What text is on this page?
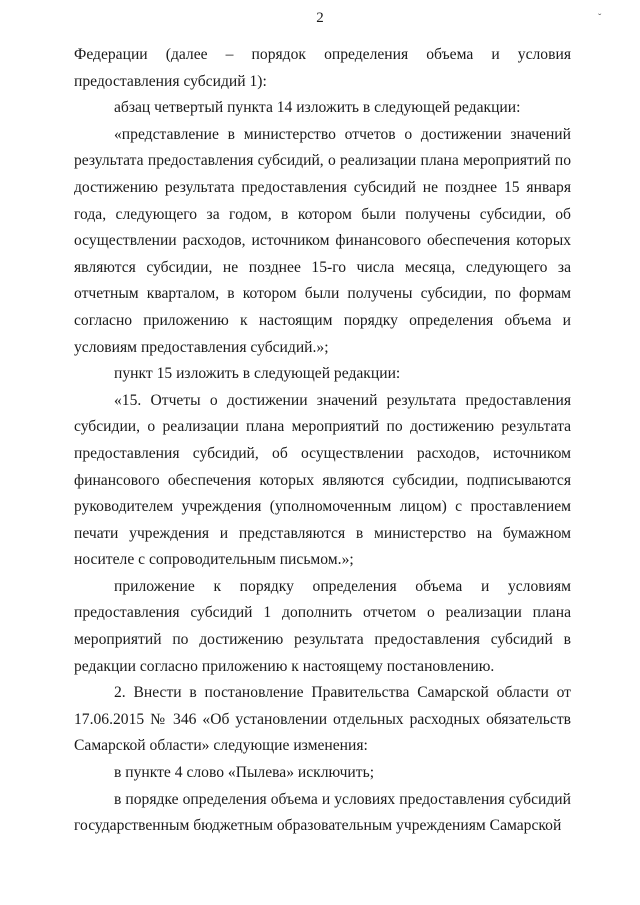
2	ˇ

Федерации (далее – порядок определения объема и условия предоставления субсидий 1):

абзац четвертый пункта 14 изложить в следующей редакции:

«представление в министерство отчетов о достижении значений результата предоставления субсидий, о реализации плана мероприятий по достижению результата предоставления субсидий не позднее 15 января года, следующего за годом, в котором были получены субсидии, об осуществлении расходов, источником финансового обеспечения которых являются субсидии, не позднее 15-го числа месяца, следующего за отчетным кварталом, в котором были получены субсидии, по формам согласно приложению к настоящим порядку определения объема и условиям предоставления субсидий.»;

пункт 15 изложить в следующей редакции:

«15. Отчеты о достижении значений результата предоставления субсидии, о реализации плана мероприятий по достижению результата предоставления субсидий, об осуществлении расходов, источником финансового обеспечения которых являются субсидии, подписываются руководителем учреждения (уполномоченным лицом) с проставлением печати учреждения и представляются в министерство на бумажном носителе с сопроводительным письмом.»;

приложение к порядку определения объема и условиям предоставления субсидий 1 дополнить отчетом о реализации плана мероприятий по достижению результата предоставления субсидий в редакции согласно приложению к настоящему постановлению.

2. Внести в постановление Правительства Самарской области от 17.06.2015 № 346 «Об установлении отдельных расходных обязательств Самарской области» следующие изменения:

в пункте 4 слово «Пылева» исключить;

в порядке определения объема и условиях предоставления субсидий государственным бюджетным образовательным учреждениям Самарской
